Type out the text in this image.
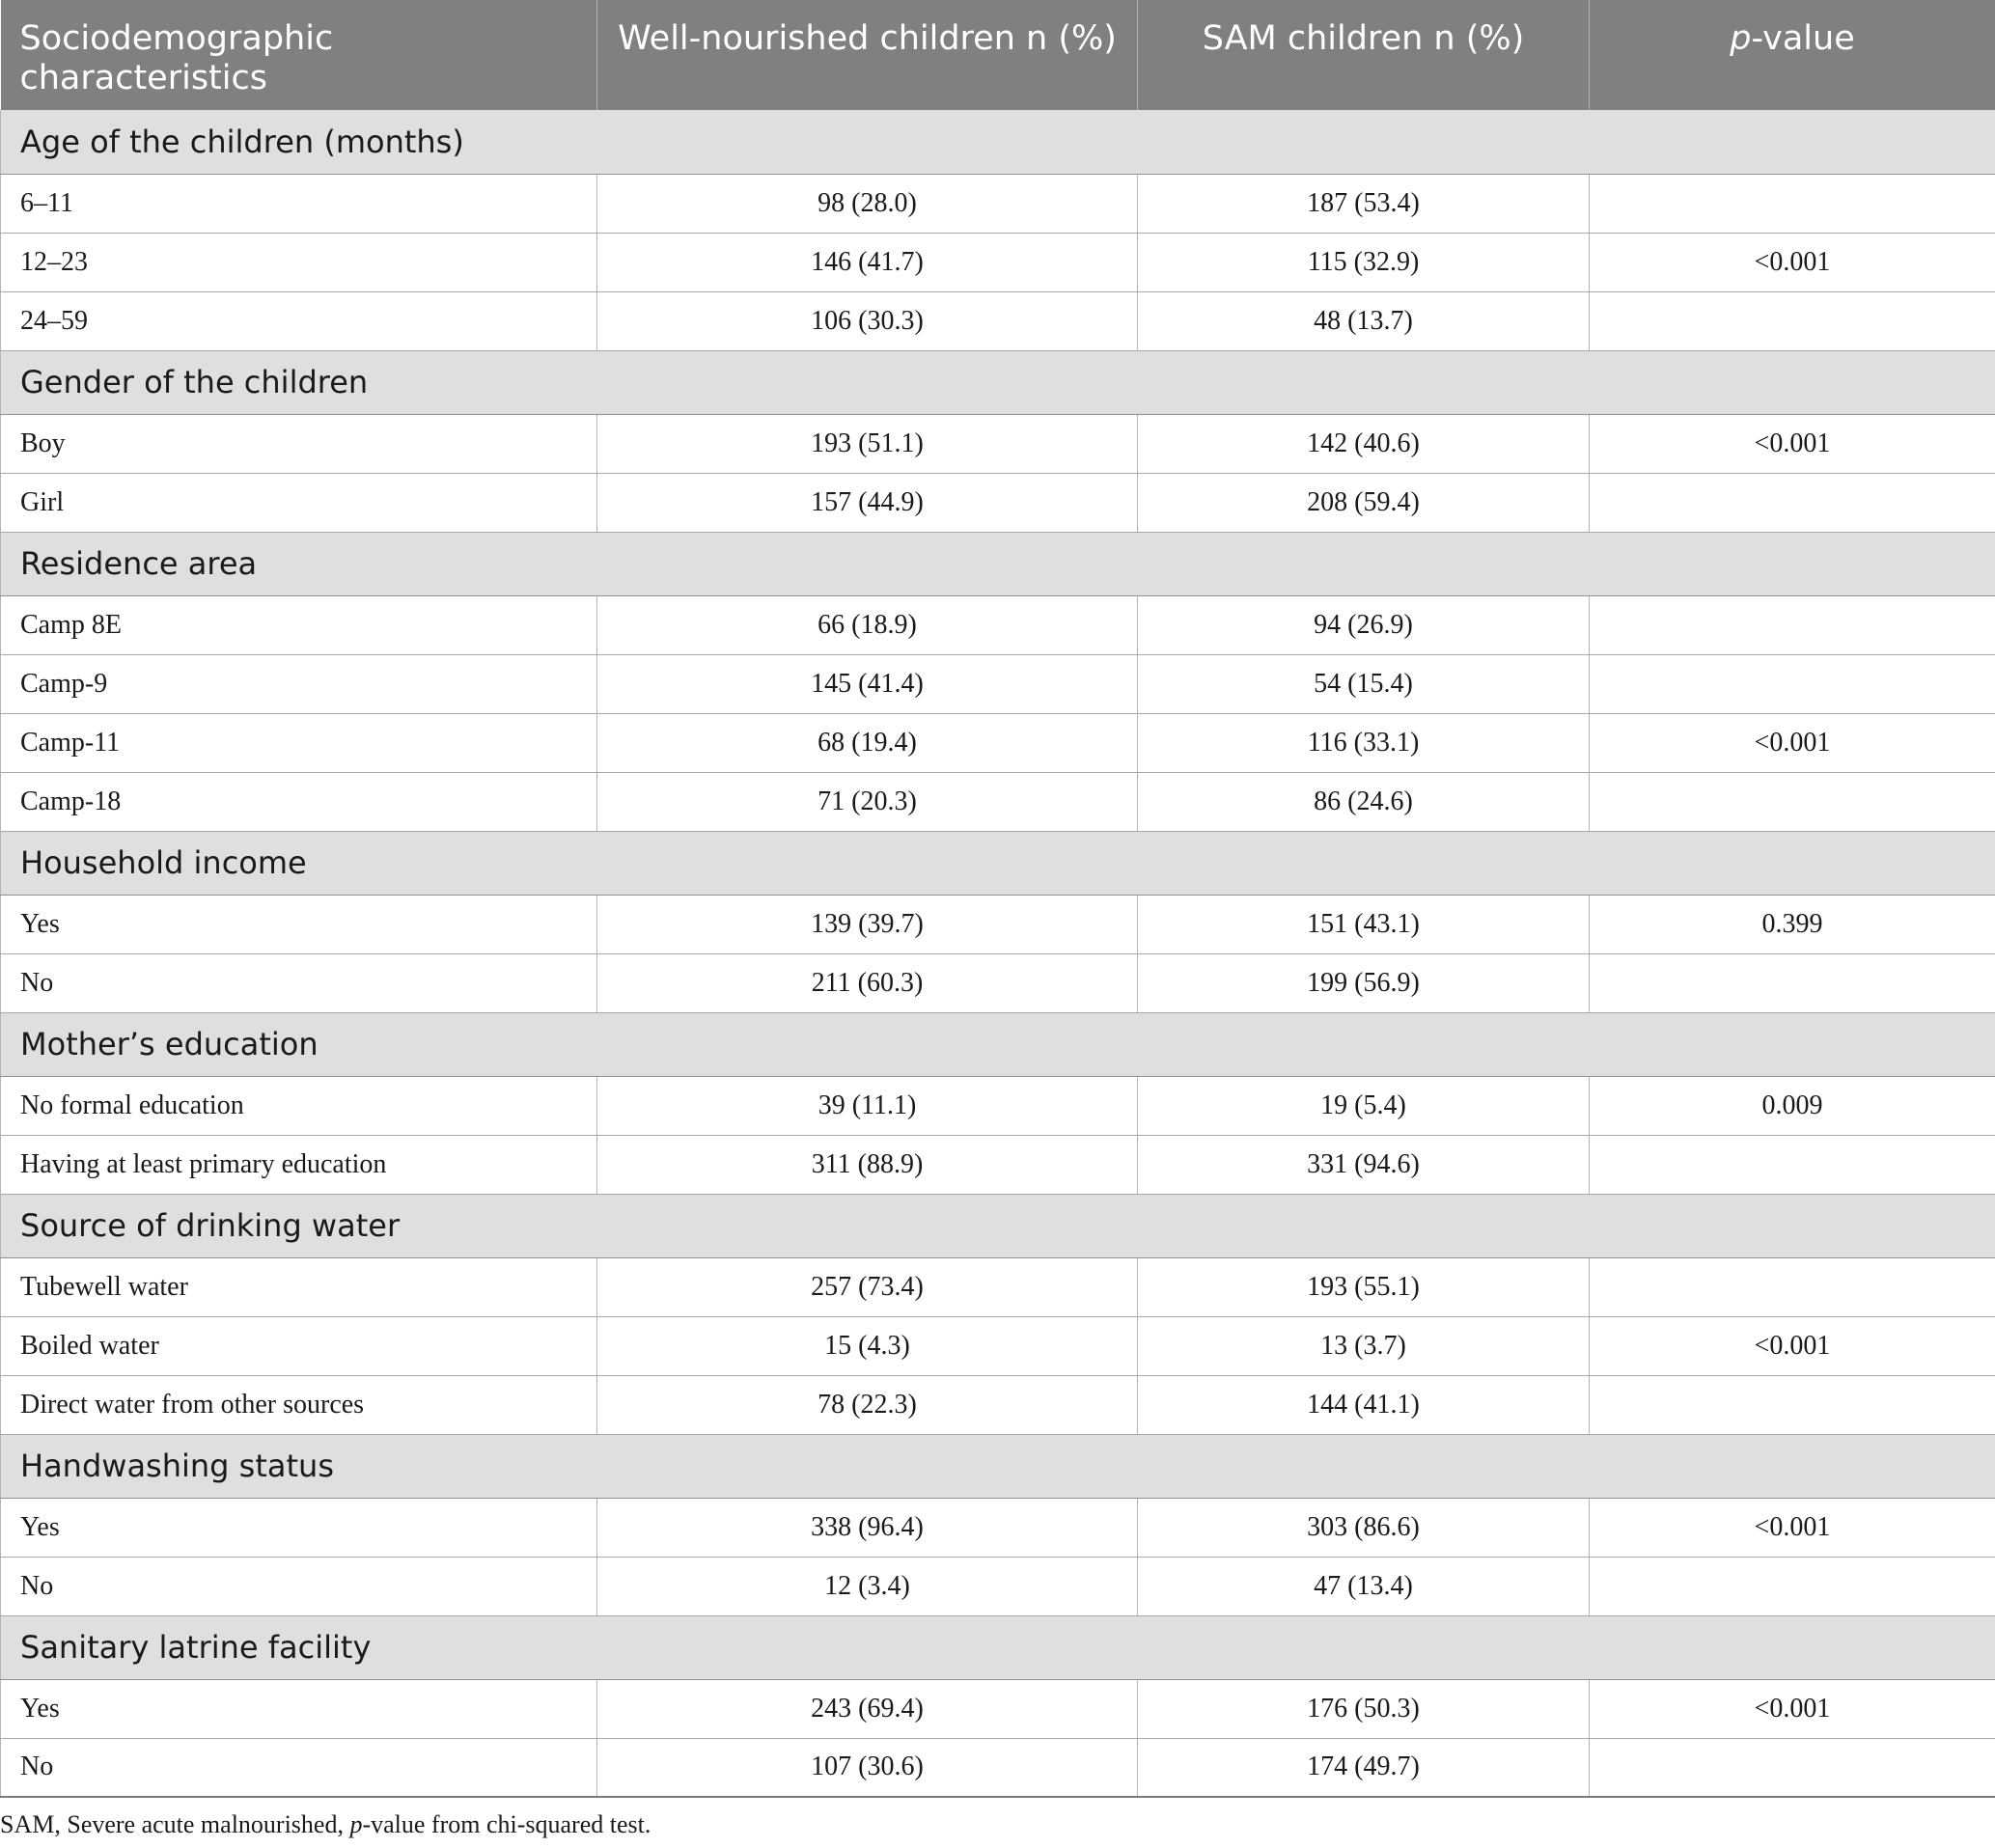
Sociodemographic characteristics	Well-nourished children n (%)	SAM children n (%)	p-value
Age of the children (months)			
6–11	98 (28.0)	187 (53.4)	
12–23	146 (41.7)	115 (32.9)	<0.001
24–59	106 (30.3)	48 (13.7)	
Gender of the children			
Boy	193 (51.1)	142 (40.6)	<0.001
Girl	157 (44.9)	208 (59.4)	
Residence area			
Camp 8E	66 (18.9)	94 (26.9)	
Camp-9	145 (41.4)	54 (15.4)	
Camp-11	68 (19.4)	116 (33.1)	<0.001
Camp-18	71 (20.3)	86 (24.6)	
Household income			
Yes	139 (39.7)	151 (43.1)	0.399
No	211 (60.3)	199 (56.9)	
Mother’s education			
No formal education	39 (11.1)	19 (5.4)	0.009
Having at least primary education	311 (88.9)	331 (94.6)	
Source of drinking water			
Tubewell water	257 (73.4)	193 (55.1)	
Boiled water	15 (4.3)	13 (3.7)	<0.001
Direct water from other sources	78 (22.3)	144 (41.1)	
Handwashing status			
Yes	338 (96.4)	303 (86.6)	<0.001
No	12 (3.4)	47 (13.4)	
Sanitary latrine facility			
Yes	243 (69.4)	176 (50.3)	<0.001
No	107 (30.6)	174 (49.7)	
SAM, Severe acute malnourished, p-value from chi-squared test.
